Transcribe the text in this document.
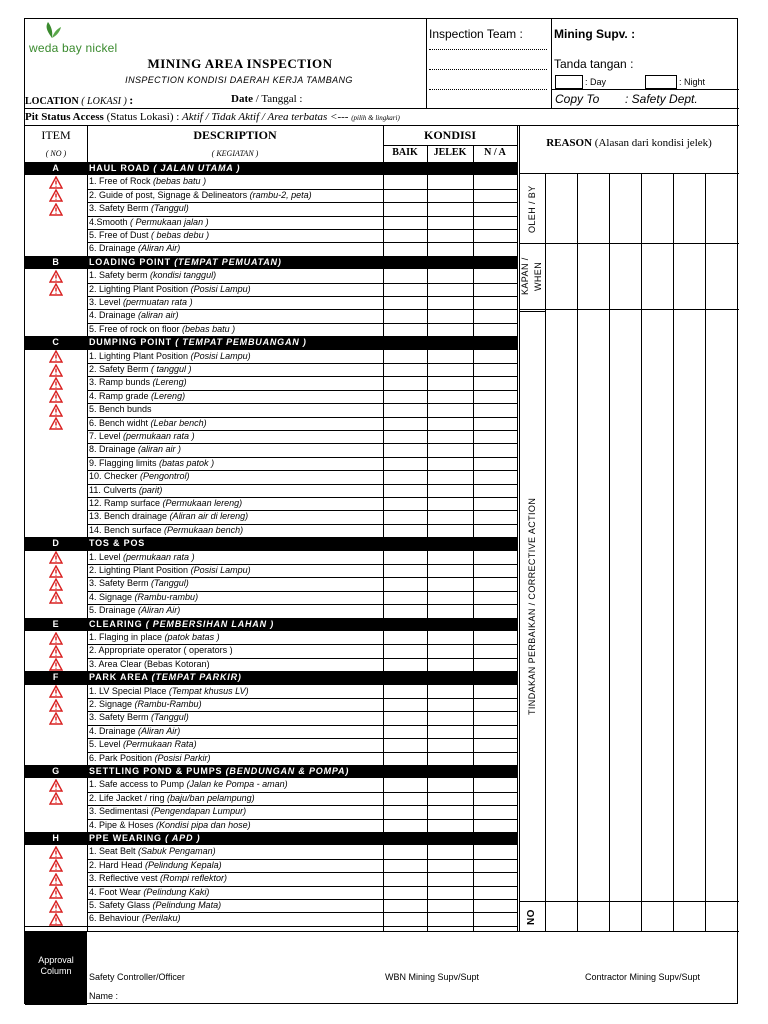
weda bay nickel
MINING AREA INSPECTION
INSPECTION KONDISI DAERAH KERJA TAMBANG
LOCATION ( LOKASI ) :	Date / Tanggal :
Inspection Team :	Mining Supv. :
Tanda tangan :
: Day	: Night
Copy To : Safety Dept.
Pit Status Access (Status Lokasi) : Aktif / Tidak Aktif / Area terbatas <--- (pilih & lingkari)
ITEM
( NO )
DESCRIPTION
( KEGIATAN )
KONDISI
BAIK	JELEK	N / A
REASON (Alasan dari kondisi jelek)
A	HAUL ROAD ( JALAN UTAMA )
1. Free of Rock (bebas batu )
2. Guide of post, Signage & Delineators (rambu-2, peta)
3. Safety Berm (Tanggul)
4.Smooth ( Permukaan jalan )
5. Free of Dust ( bebas debu )
6. Drainage (Aliran Air)
B	LOADING POINT (TEMPAT PEMUATAN)
1. Safety berm (kondisi tanggul)
2. Lighting Plant Position (Posisi Lampu)
3. Level (permuatan rata )
4. Drainage (aliran air)
5. Free of rock on floor (bebas batu )
C	DUMPING POINT ( TEMPAT PEMBUANGAN )
1. Lighting Plant Position (Posisi Lampu)
2. Safety Berm ( tanggul )
3. Ramp bunds (Lereng)
4. Ramp grade (Lereng)
5. Bench bunds
6. Bench widht (Lebar bench)
7. Level (permukaan rata )
8. Drainage (aliran air )
9. Flagging limits (batas patok )
10. Checker (Pengontrol)
11. Culverts (parit)
12. Ramp surface (Permukaan lereng)
13. Bench drainage (Aliran air di lereng)
14. Bench surface (Permukaan bench)
D	TOS & POS
1. Level (permukaan rata )
2. Lighting Plant Position (Posisi Lampu)
3. Safety Berm (Tanggul)
4. Signage (Rambu-rambu)
5. Drainage (Aliran Air)
E	CLEARING ( PEMBERSIHAN LAHAN )
1. Flaging in place (patok batas )
2. Appropriate operator ( operators )
3. Area Clear (Bebas Kotoran)
F	PARK AREA (TEMPAT PARKIR)
1. LV Special Place (Tempat khusus LV)
2. Signage (Rambu-Rambu)
3. Safety Berm (Tanggul)
4. Drainage (Aliran Air)
5. Level (Permukaan Rata)
6. Park Position (Posisi Parkir)
G	SETTLING POND & PUMPS (BENDUNGAN & POMPA)
1. Safe access to Pump (Jalan ke Pompa - aman)
2. Life Jacket / ring (baju/ban pelampung)
3. Sedimentasi (Pengendapan Lumpur)
4. Pipe & Hoses (Kondisi pipa dan hose)
H	PPE WEARING ( APD )
1. Seat Belt (Sabuk Pengaman)
2. Hard Head (Pelindung Kepala)
3. Reflective vest (Rompi reflektor)
4. Foot Wear (Pelindung Kaki)
5. Safety Glass (Pelindung Mata)
6. Behaviour (Perilaku)
OLEH / BY
KAPAN / WHEN
TINDAKAN PERBAIKAN / CORRECTIVE ACTION
NO
Approval Column
Safety Controller/Officer	WBN Mining Supv/Supt	Contractor Mining Supv/Supt
Name :
